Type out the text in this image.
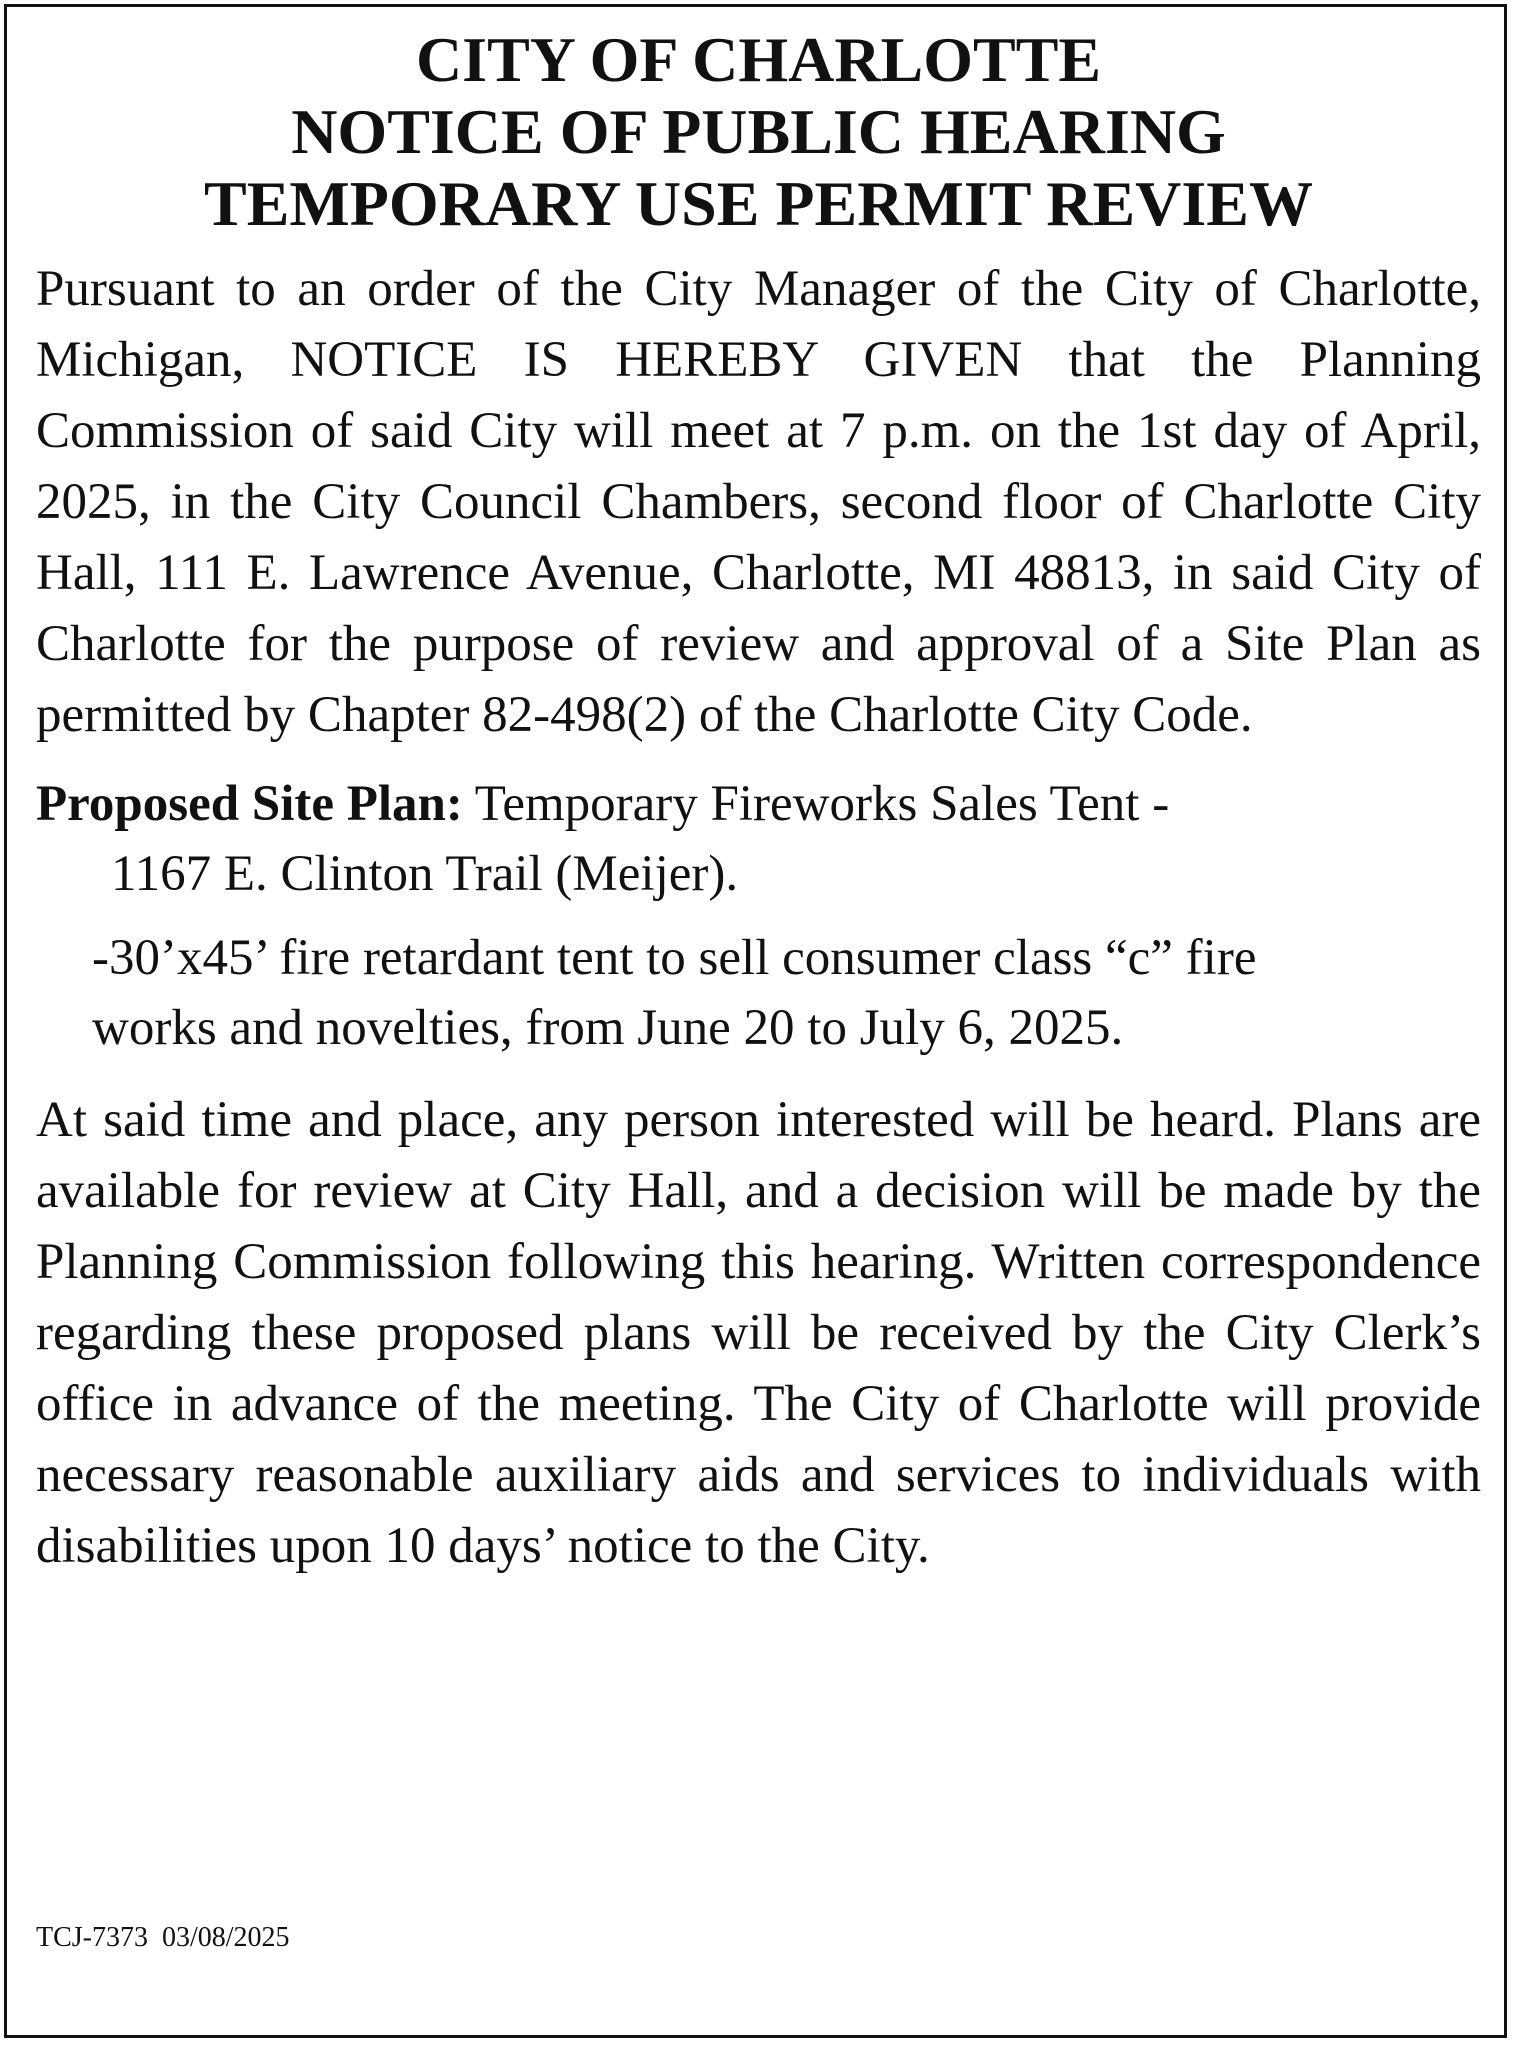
CITY OF CHARLOTTE
NOTICE OF PUBLIC HEARING
TEMPORARY USE PERMIT REVIEW
Pursuant to an order of the City Manager of the City of Charlotte, Michigan, NOTICE IS HEREBY GIVEN that the Planning Commission of said City will meet at 7 p.m. on the 1st day of April, 2025, in the City Council Chambers, second floor of Charlotte City Hall, 111 E. Lawrence Avenue, Charlotte, MI 48813, in said City of Charlotte for the purpose of review and approval of a Site Plan as permitted by Chapter 82-498(2) of the Charlotte City Code.
Proposed Site Plan: Temporary Fireworks Sales Tent -
1167 E. Clinton Trail (Meijer).
-30’x45’ fire retardant tent to sell consumer class “c” fire
works and novelties, from June 20 to July 6, 2025.
At said time and place, any person interested will be heard. Plans are available for review at City Hall, and a decision will be made by the Planning Commission following this hearing. Written correspondence regarding these proposed plans will be received by the City Clerk’s office in advance of the meeting. The City of Charlotte will provide necessary reasonable auxiliary aids and services to individuals with disabilities upon 10 days’ notice to the City.
TCJ-7373  03/08/2025
